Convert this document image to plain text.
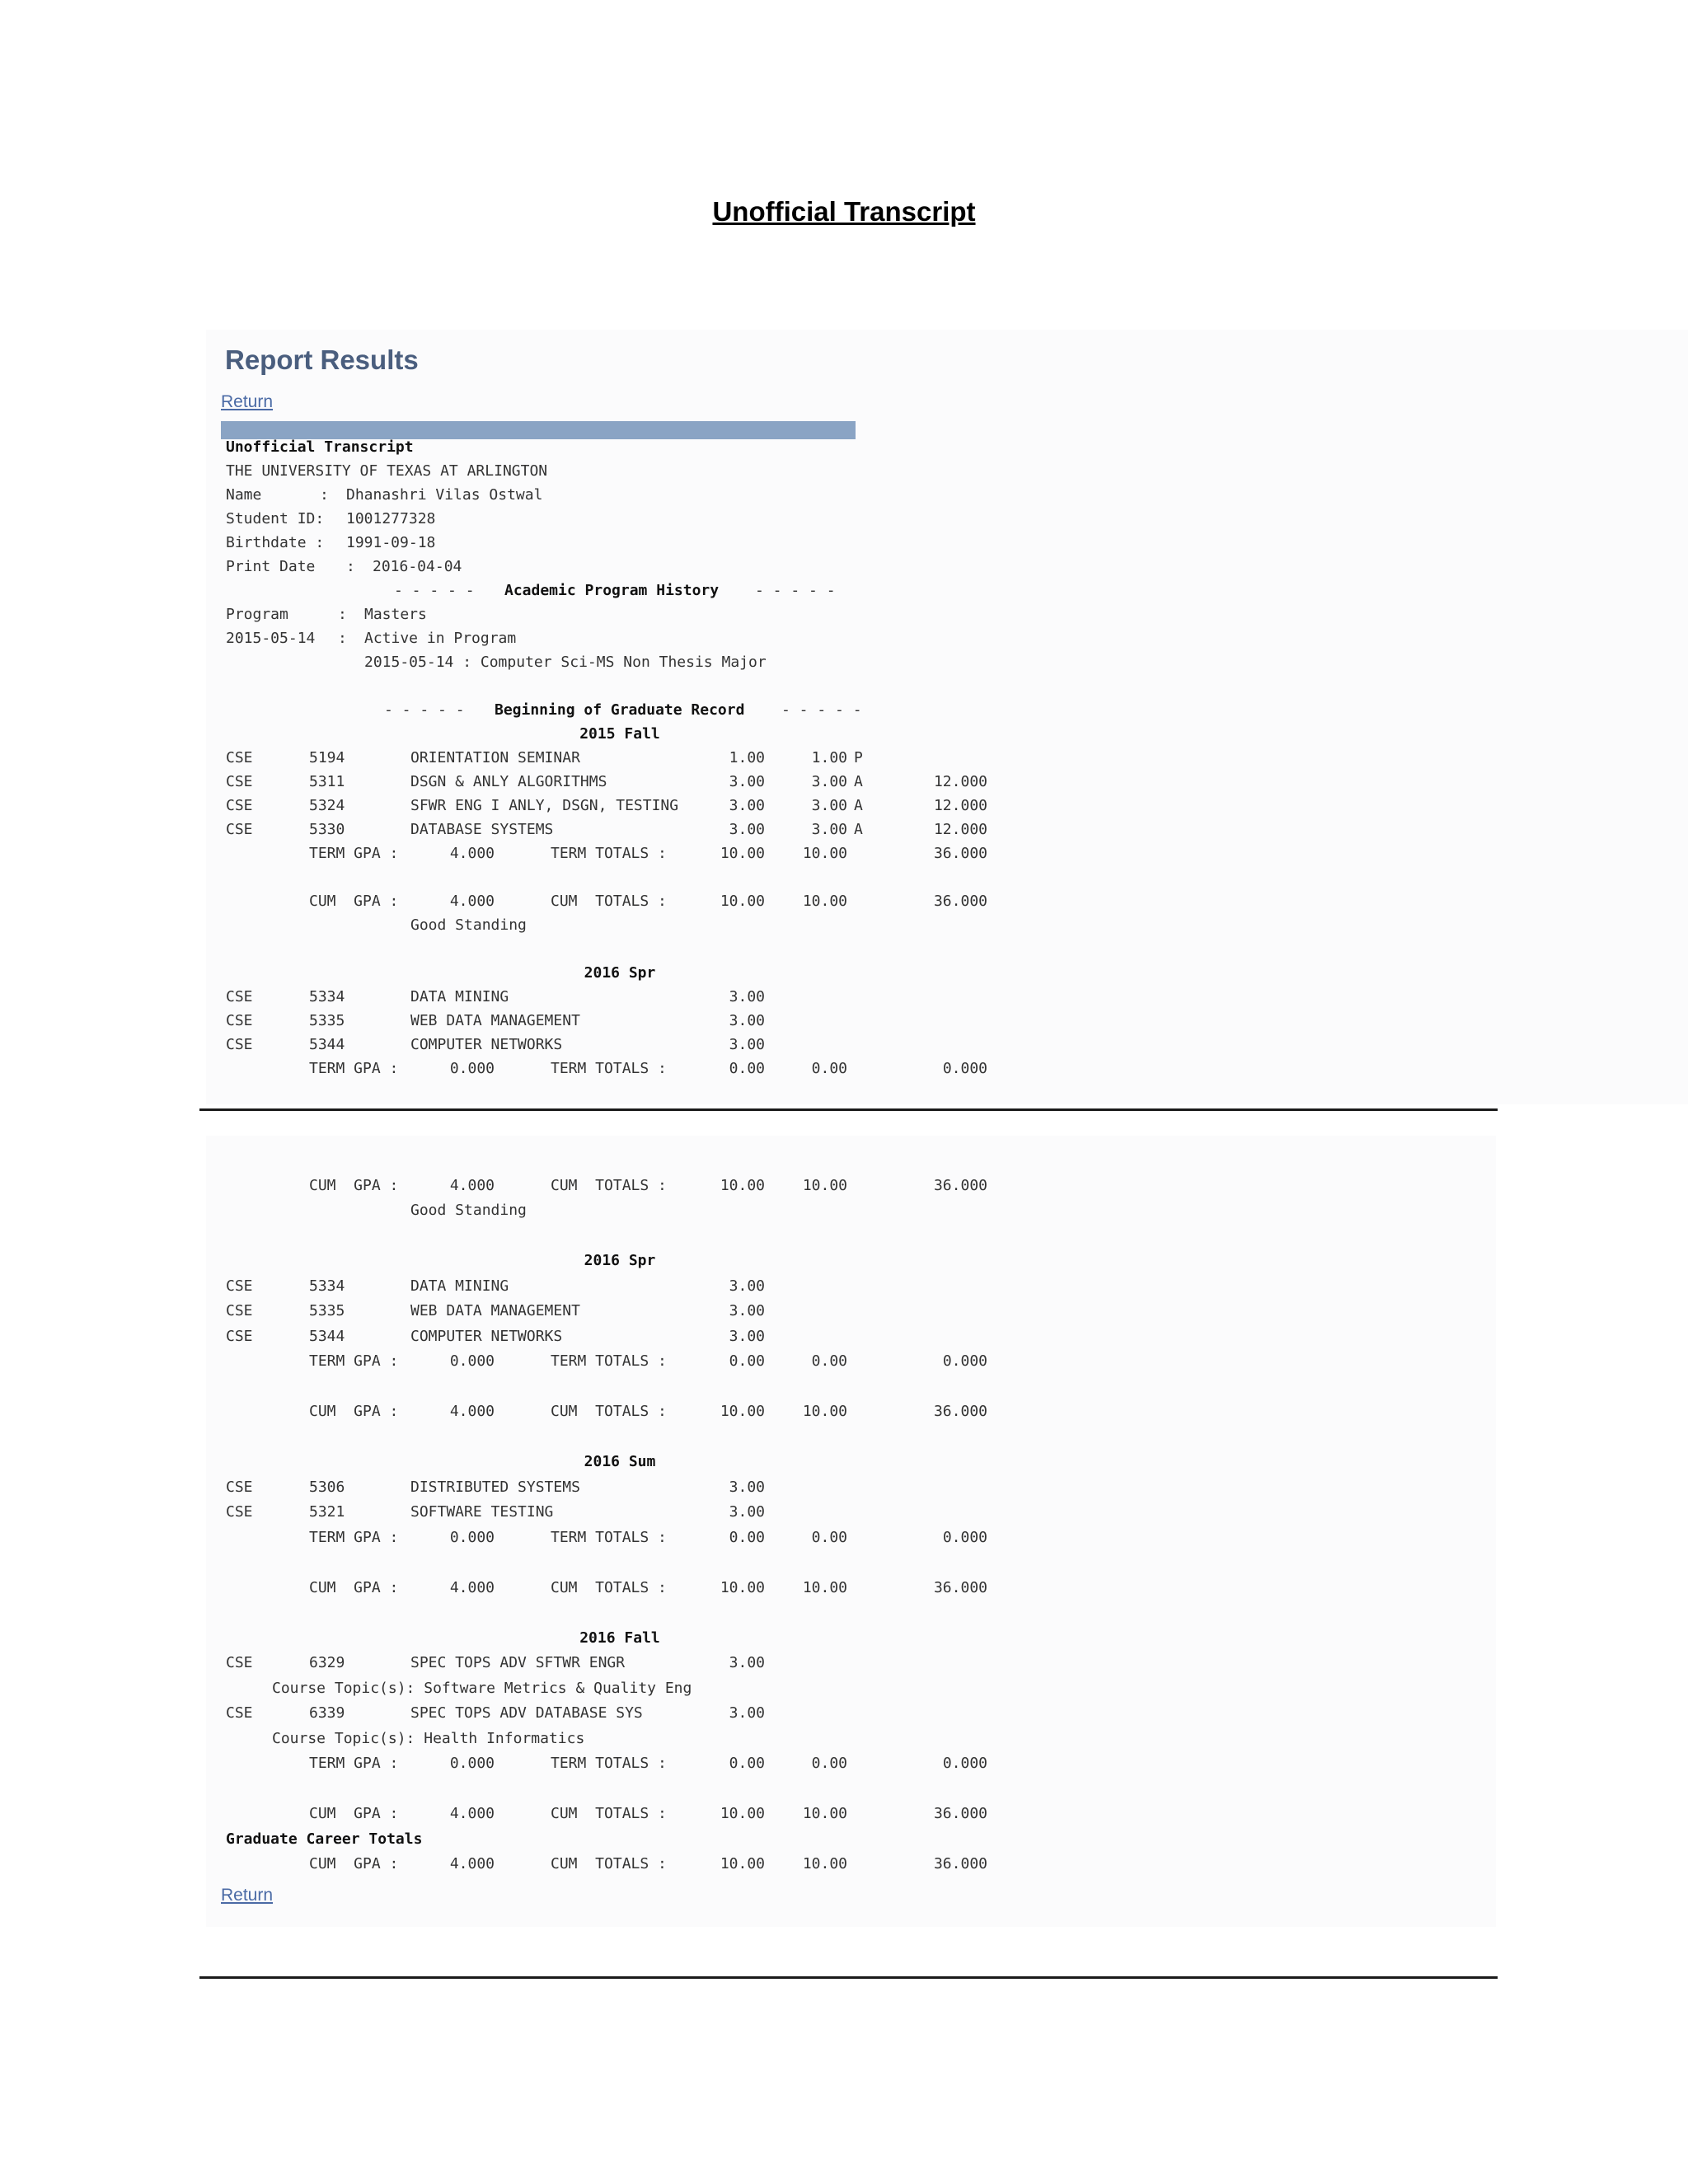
Unofficial Transcript
Report Results
Return
Unofficial Transcript
THE UNIVERSITY OF TEXAS AT ARLINGTON
Name	: Dhanashri Vilas Ostwal
Student ID: 1001277328
Birthdate : 1991-09-18
Print Date : 2016-04-04
- - - - - Academic Program History - - - - -
Program	: Masters
2015-05-14 : Active in Program
2015-05-14 : Computer Sci-MS Non Thesis Major
- - - - - Beginning of Graduate Record - - - - -
2015 Fall
CSE	5194	ORIENTATION SEMINAR	1.00	1.00 P
CSE	5311	DSGN & ANLY ALGORITHMS	3.00	3.00 A	12.000
CSE	5324	SFWR ENG I ANLY, DSGN, TESTING	3.00	3.00 A	12.000
CSE	5330	DATABASE SYSTEMS	3.00	3.00 A	12.000
TERM GPA :	4.000	TERM TOTALS :	10.00	10.00	36.000
CUM  GPA :	4.000	CUM  TOTALS :	10.00	10.00	36.000
Good Standing
2016 Spr
CSE	5334	DATA MINING	3.00
CSE	5335	WEB DATA MANAGEMENT	3.00
CSE	5344	COMPUTER NETWORKS	3.00
TERM GPA :	0.000	TERM TOTALS :	0.00	0.00	0.000
CUM  GPA :	4.000	CUM  TOTALS :	10.00	10.00	36.000
Good Standing
2016 Spr
CSE	5334	DATA MINING	3.00
CSE	5335	WEB DATA MANAGEMENT	3.00
CSE	5344	COMPUTER NETWORKS	3.00
TERM GPA :	0.000	TERM TOTALS :	0.00	0.00	0.000
CUM  GPA :	4.000	CUM  TOTALS :	10.00	10.00	36.000
2016 Sum
CSE	5306	DISTRIBUTED SYSTEMS	3.00
CSE	5321	SOFTWARE TESTING	3.00
TERM GPA :	0.000	TERM TOTALS :	0.00	0.00	0.000
CUM  GPA :	4.000	CUM  TOTALS :	10.00	10.00	36.000
2016 Fall
CSE	6329	SPEC TOPS ADV SFTWR ENGR	3.00
Course Topic(s): Software Metrics & Quality Eng
CSE	6339	SPEC TOPS ADV DATABASE SYS	3.00
Course Topic(s): Health Informatics
TERM GPA :	0.000	TERM TOTALS :	0.00	0.00	0.000
CUM  GPA :	4.000	CUM  TOTALS :	10.00	10.00	36.000
Graduate Career Totals
CUM  GPA :	4.000	CUM  TOTALS :	10.00	10.00	36.000
Return
